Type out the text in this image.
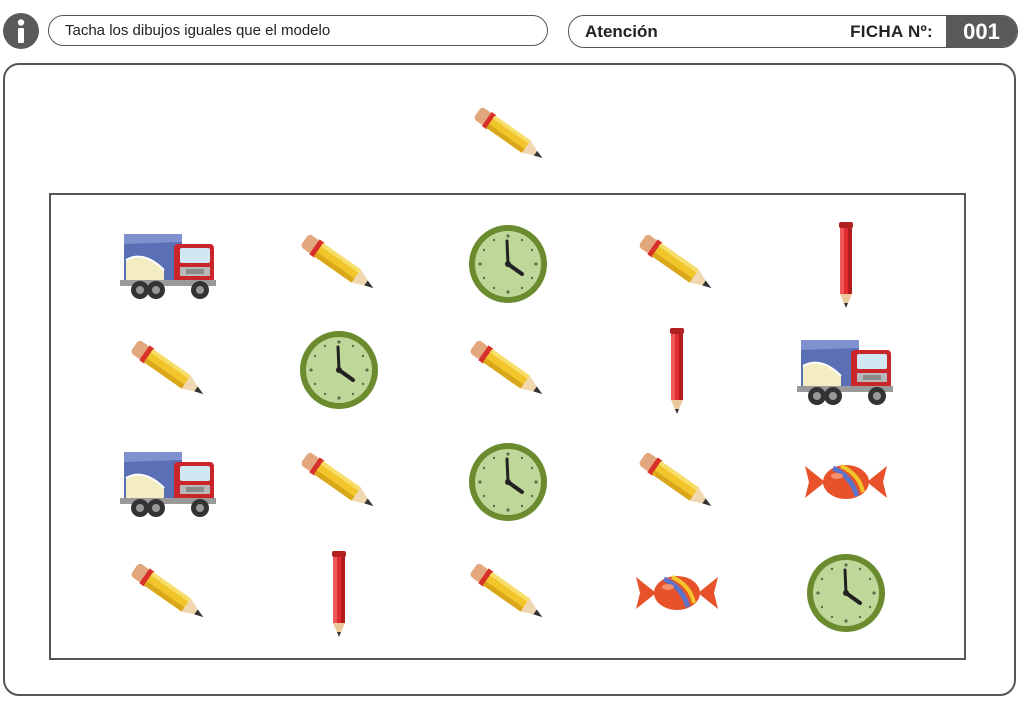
Tacha los dibujos iguales que el modelo	Atención	FICHA Nº:	001
